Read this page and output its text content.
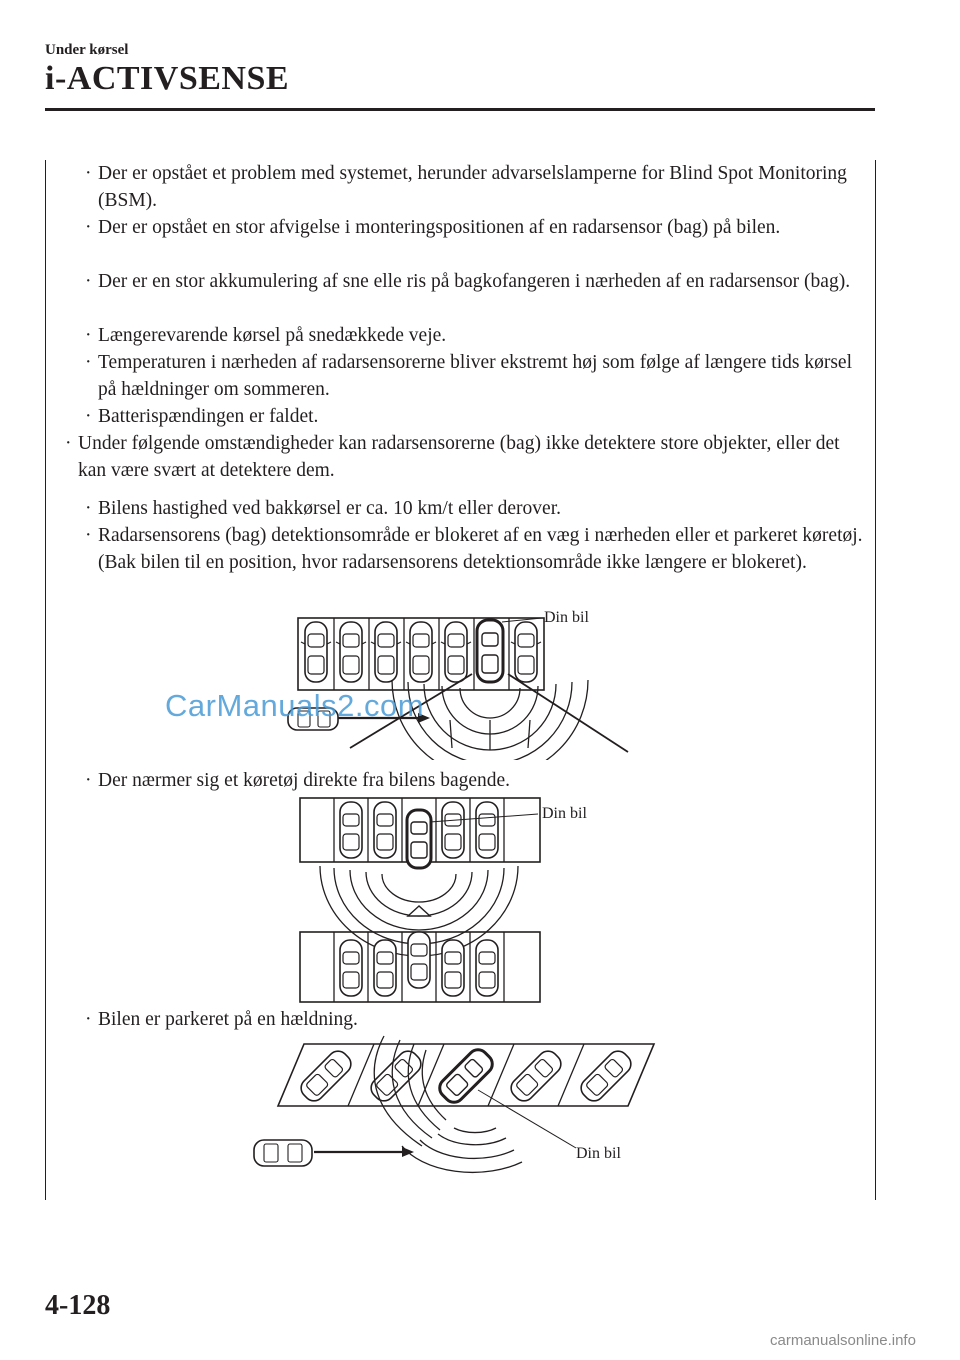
Under kørsel
i-ACTIVSENSE
· Der er opstået et problem med systemet, herunder advarselslamperne for Blind Spot Monitoring (BSM).
· Der er opstået en stor afvigelse i monteringspositionen af en radarsensor (bag) på bilen.
· Der er en stor akkumulering af sne elle ris på bagkofangeren i nærheden af en radarsensor (bag).
· Længerevarende kørsel på snedækkede veje.
· Temperaturen i nærheden af radarsensorerne bliver ekstremt høj som følge af længere tids kørsel på hældninger om sommeren.
· Batterispændingen er faldet.
· Under følgende omstændigheder kan radarsensorerne (bag) ikke detektere store objekter, eller det kan være svært at detektere dem.
· Bilens hastighed ved bakkørsel er ca. 10 km/t eller derover.
· Radarsensorens (bag) detektionsområde er blokeret af en væg i nærheden eller et parkeret køretøj. (Bak bilen til en position, hvor radarsensorens detektionsområde ikke længere er blokeret).
Din bil
CarManuals2.com
· Der nærmer sig et køretøj direkte fra bilens bagende.
Din bil
· Bilen er parkeret på en hældning.
Din bil
4-128
carmanualsonline.info
